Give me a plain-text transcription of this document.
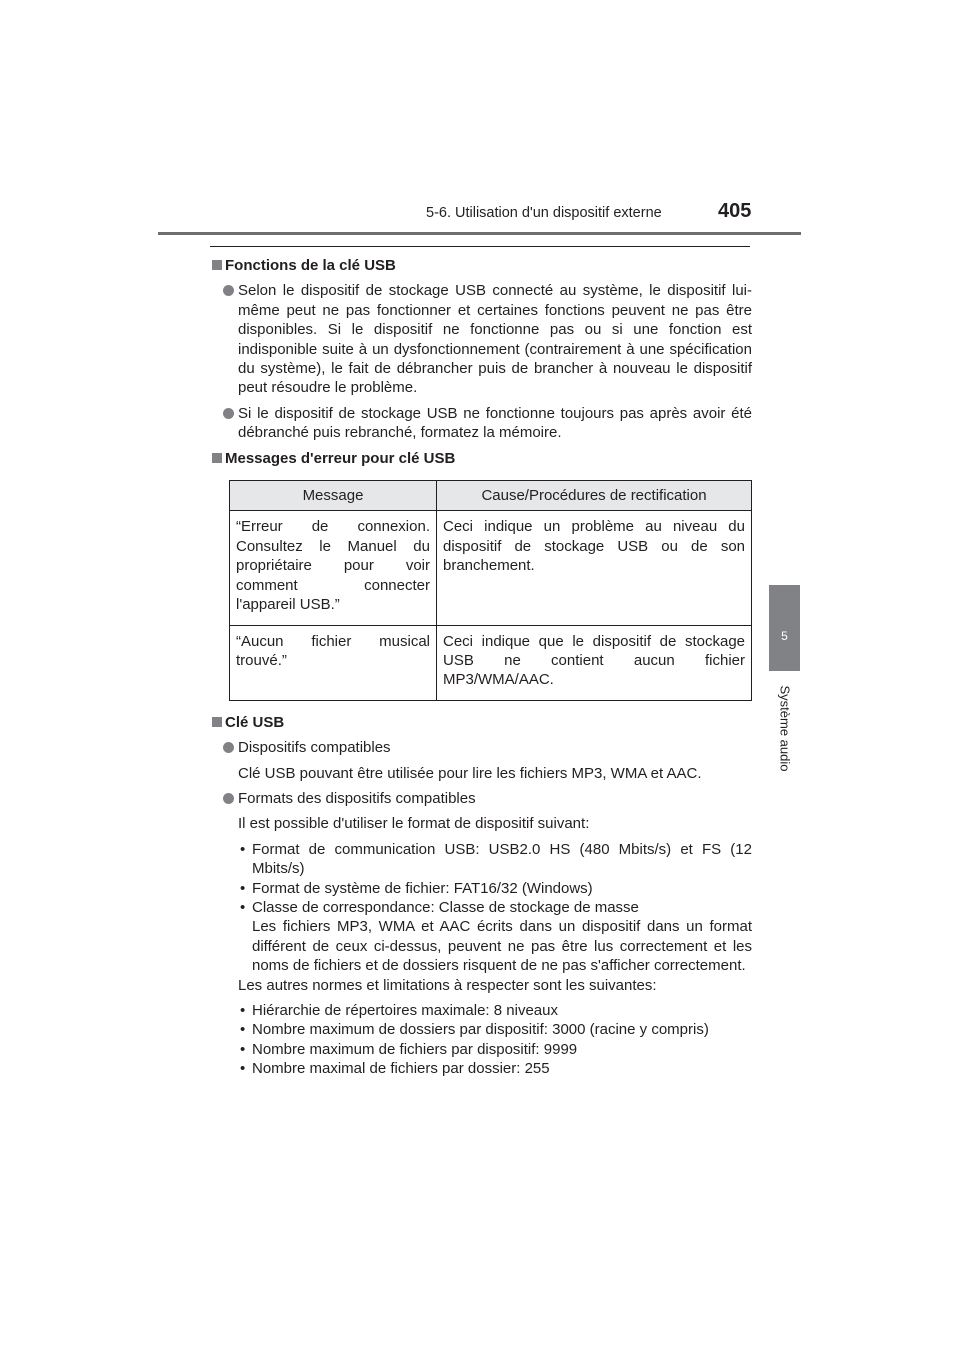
5-6. Utilisation d'un dispositif externe	405
5
Système audio
Fonctions de la clé USB
Selon le dispositif de stockage USB connecté au système, le dispositif lui-même peut ne pas fonctionner et certaines fonctions peuvent ne pas être disponibles. Si le dispositif ne fonctionne pas ou si une fonction est indisponible suite à un dysfonctionnement (contrairement à une spécification du système), le fait de débrancher puis de brancher à nouveau le dispositif peut résoudre le problème.
Si le dispositif de stockage USB ne fonctionne toujours pas après avoir été débranché puis rebranché, formatez la mémoire.
Messages d'erreur pour clé USB
Message	Cause/Procédures de rectification
“Erreur de connexion. Consultez le Manuel du propriétaire pour voir comment connecter l'appareil USB.”	Ceci indique un problème au niveau du dispositif de stockage USB ou de son branchement.
“Aucun fichier musical trouvé.”	Ceci indique que le dispositif de stockage USB ne contient aucun fichier MP3/WMA/AAC.
Clé USB
Dispositifs compatibles
Clé USB pouvant être utilisée pour lire les fichiers MP3, WMA et AAC.
Formats des dispositifs compatibles
Il est possible d'utiliser le format de dispositif suivant:
• Format de communication USB: USB2.0 HS (480 Mbits/s) et FS (12 Mbits/s)
• Format de système de fichier: FAT16/32 (Windows)
• Classe de correspondance: Classe de stockage de masse
Les fichiers MP3, WMA et AAC écrits dans un dispositif dans un format différent de ceux ci-dessus, peuvent ne pas être lus correctement et les noms de fichiers et de dossiers risquent de ne pas s'afficher correctement.
Les autres normes et limitations à respecter sont les suivantes:
• Hiérarchie de répertoires maximale: 8 niveaux
• Nombre maximum de dossiers par dispositif: 3000 (racine y compris)
• Nombre maximum de fichiers par dispositif: 9999
• Nombre maximal de fichiers par dossier: 255
